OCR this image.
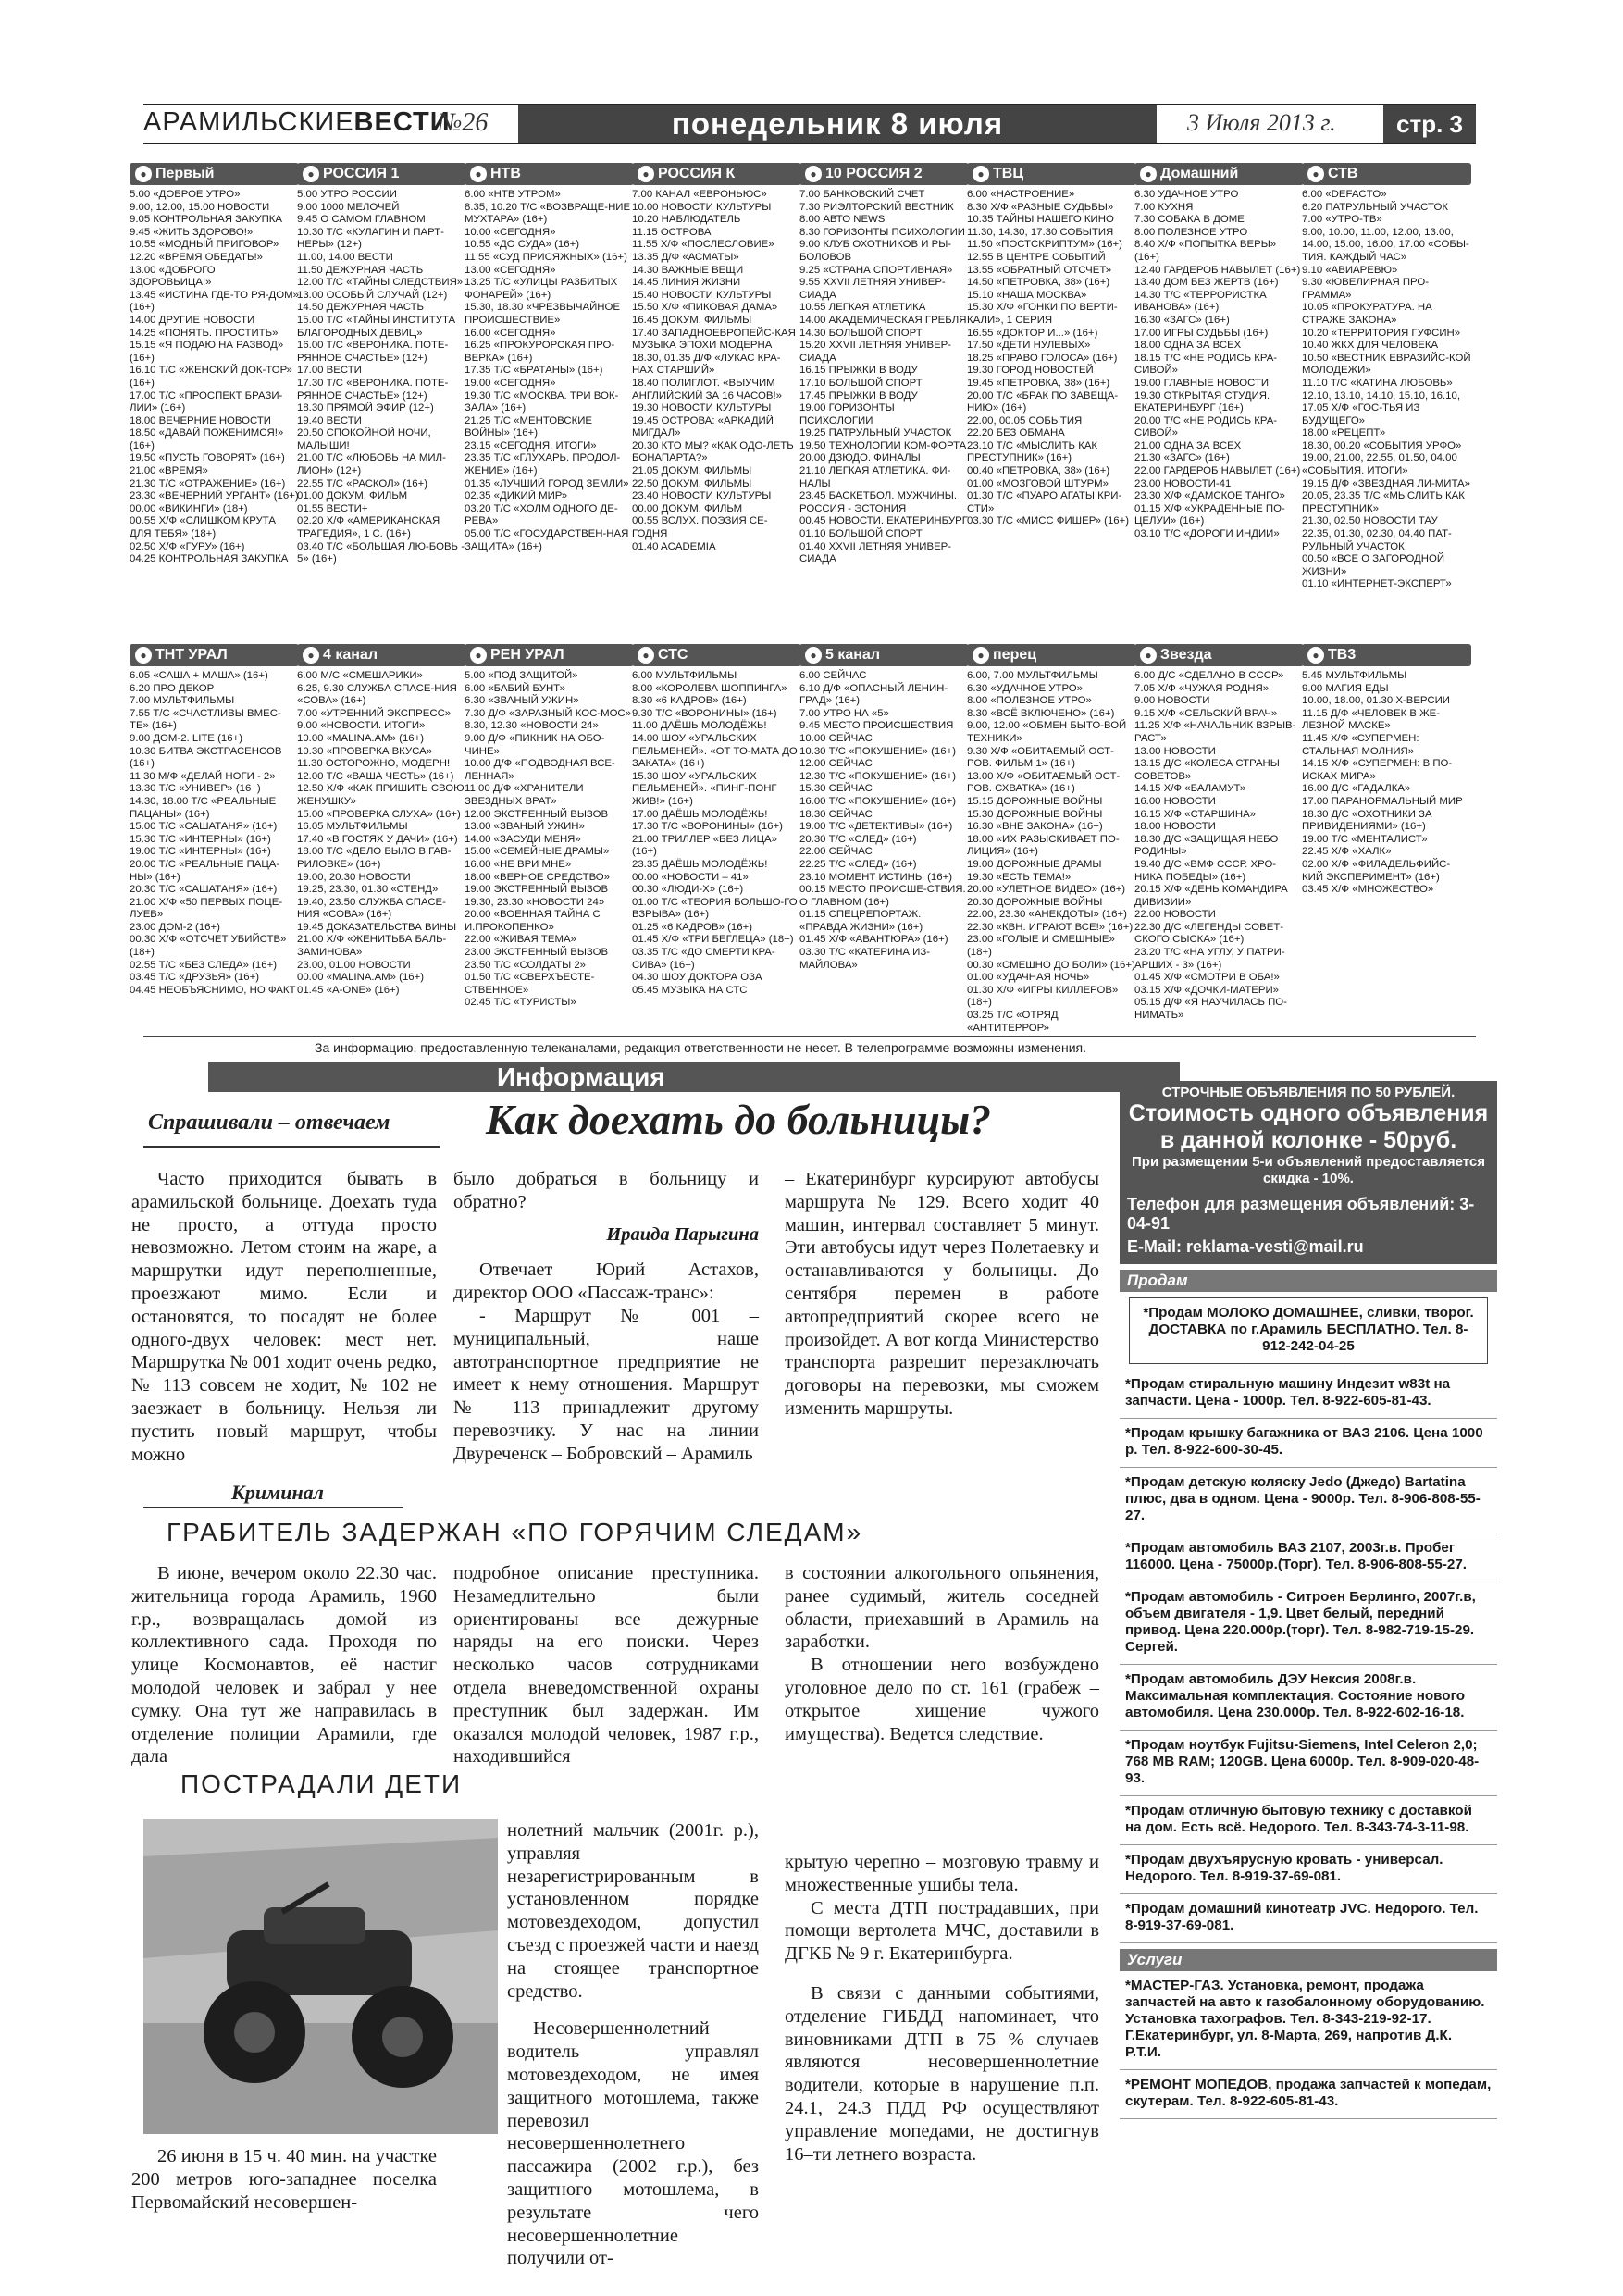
АРАМИЛЬСКИЕВЕСТИ
№26	понедельник 8 июля	3 Июля 2013 г.	стр. 3
● Первый
5.00 «ДОБРОЕ УТРО»
9.00, 12.00, 15.00 НОВОСТИ
9.05 КОНТРОЛЬНАЯ ЗАКУПКА
9.45 «ЖИТЬ ЗДОРОВО!»
10.55 «МОДНЫЙ ПРИГОВОР»
12.20 «ВРЕМЯ ОБЕДАТЬ!»
13.00 «ДОБРОГО ЗДОРОВЬИЦА!»
13.45 «ИСТИНА ГДЕ-ТО РЯ-ДОМ» (16+)
14.00 ДРУГИЕ НОВОСТИ
14.25 «ПОНЯТЬ. ПРОСТИТЬ»
15.15 «Я ПОДАЮ НА РАЗВОД» (16+)
16.10 Т/С «ЖЕНСКИЙ ДОК-ТОР» (16+)
17.00 Т/С «ПРОСПЕКТ БРАЗИ-ЛИИ» (16+)
18.00 ВЕЧЕРНИЕ НОВОСТИ
18.50 «ДАВАЙ ПОЖЕНИМСЯ!» (16+)
19.50 «ПУСТЬ ГОВОРЯТ» (16+)
21.00 «ВРЕМЯ»
21.30 Т/С «ОТРАЖЕНИЕ» (16+)
23.30 «ВЕЧЕРНИЙ УРГАНТ» (16+)
00.00 «ВИКИНГИ» (18+)
00.55 Х/Ф «СЛИШКОМ КРУТА ДЛЯ ТЕБЯ» (18+)
02.50 Х/Ф «ГУРУ» (16+)
04.25 КОНТРОЛЬНАЯ ЗАКУПКА
● РОССИЯ 1
5.00 УТРО РОССИИ
9.00 1000 МЕЛОЧЕЙ
9.45 О САМОМ ГЛАВНОМ
10.30 Т/С «КУЛАГИН И ПАРТ-НЕРЫ» (12+)
11.00, 14.00 ВЕСТИ
11.50 ДЕЖУРНАЯ ЧАСТЬ
12.00 Т/С «ТАЙНЫ СЛЕДСТВИЯ»
13.00 ОСОБЫЙ СЛУЧАЙ (12+)
14.50 ДЕЖУРНАЯ ЧАСТЬ
15.00 Т/С «ТАЙНЫ ИНСТИТУТА БЛАГОРОДНЫХ ДЕВИЦ»
16.00 Т/С «ВЕРОНИКА. ПОТЕ-РЯННОЕ СЧАСТЬЕ» (12+)
17.00 ВЕСТИ
17.30 Т/С «ВЕРОНИКА. ПОТЕ-РЯННОЕ СЧАСТЬЕ» (12+)
18.30 ПРЯМОЙ ЭФИР (12+)
19.40 ВЕСТИ
20.50 СПОКОЙНОЙ НОЧИ, МАЛЫШИ!
21.00 Т/С «ЛЮБОВЬ НА МИЛ-ЛИОН» (12+)
22.55 Т/С «РАСКОЛ» (16+)
01.00 ДОКУМ. ФИЛЬМ
01.55 ВЕСТИ+
02.20 Х/Ф «АМЕРИКАНСКАЯ ТРАГЕДИЯ», 1 С. (16+)
03.40 Т/С «БОЛЬШАЯ ЛЮ-БОВЬ - 5» (16+)
● НТВ
6.00 «НТВ УТРОМ»
8.35, 10.20 Т/С «ВОЗВРАЩЕ-НИЕ МУХТАРА» (16+)
10.00 «СЕГОДНЯ»
10.55 «ДО СУДА» (16+)
11.55 «СУД ПРИСЯЖНЫХ» (16+)
13.00 «СЕГОДНЯ»
13.25 Т/С «УЛИЦЫ РАЗБИТЫХ ФОНАРЕЙ» (16+)
15.30, 18.30 «ЧРЕЗВЫЧАЙНОЕ ПРОИСШЕСТВИЕ»
16.00 «СЕГОДНЯ»
16.25 «ПРОКУРОРСКАЯ ПРО-ВЕРКА» (16+)
17.35 Т/С «БРАТАНЫ» (16+)
19.00 «СЕГОДНЯ»
19.30 Т/С «МОСКВА. ТРИ ВОК-ЗАЛА» (16+)
21.25 Т/С «МЕНТОВСКИЕ ВОЙНЫ» (16+)
23.15 «СЕГОДНЯ. ИТОГИ»
23.35 Т/С «ГЛУХАРЬ. ПРОДОЛ-ЖЕНИЕ» (16+)
01.35 «ЛУЧШИЙ ГОРОД ЗЕМЛИ»
02.35 «ДИКИЙ МИР»
03.20 Т/С «ХОЛМ ОДНОГО ДЕ-РЕВА»
05.00 Т/С «ГОСУДАРСТВЕН-НАЯ ЗАЩИТА» (16+)
● РОССИЯ К
7.00 КАНАЛ «ЕВРОНЬЮС»
10.00 НОВОСТИ КУЛЬТУРЫ
10.20 НАБЛЮДАТЕЛЬ
11.15 ОСТРОВА
11.55 Х/Ф «ПОСЛЕСЛОВИЕ»
13.35 Д/Ф «АСМАТЫ»
14.30 ВАЖНЫЕ ВЕЩИ
14.45 ЛИНИЯ ЖИЗНИ
15.40 НОВОСТИ КУЛЬТУРЫ
15.50 Х/Ф «ПИКОВАЯ ДАМА»
16.45 ДОКУМ. ФИЛЬМЫ
17.40 ЗАПАДНОЕВРОПЕЙС-КАЯ МУЗЫКА ЭПОХИ МОДЕРНА
18.30, 01.35 Д/Ф «ЛУКАС КРА-НАХ СТАРШИЙ»
18.40 ПОЛИГЛОТ. «ВЫУЧИМ АНГЛИЙСКИЙ ЗА 16 ЧАСОВ!»
19.30 НОВОСТИ КУЛЬТУРЫ
19.45 ОСТРОВА: «АРКАДИЙ МИГДАЛ»
20.30 КТО МЫ? «КАК ОДО-ЛЕТЬ БОНАПАРТА?»
21.05 ДОКУМ. ФИЛЬМЫ
22.50 ДОКУМ. ФИЛЬМЫ
23.40 НОВОСТИ КУЛЬТУРЫ
00.00 ДОКУМ. ФИЛЬМ
00.55 ВСЛУХ. ПОЭЗИЯ СЕ-ГОДНЯ
01.40 ACADEMIA
● 10 РОССИЯ 2
7.00 БАНКОВСКИЙ СЧЕТ
7.30 РИЭЛТОРСКИЙ ВЕСТНИК
8.00 АВТО NEWS
8.30 ГОРИЗОНТЫ ПСИХОЛОГИИ
9.00 КЛУБ ОХОТНИКОВ И РЫ-БОЛОВОВ
9.25 «СТРАНА СПОРТИВНАЯ»
9.55 ХХVII ЛЕТНЯЯ УНИВЕР-СИАДА
10.55 ЛЕГКАЯ АТЛЕТИКА
14.00 АКАДЕМИЧЕСКАЯ ГРЕБЛЯ
14.30 БОЛЬШОЙ СПОРТ
15.20 ХХVII ЛЕТНЯЯ УНИВЕР-СИАДА
16.15 ПРЫЖКИ В ВОДУ
17.10 БОЛЬШОЙ СПОРТ
17.45 ПРЫЖКИ В ВОДУ
19.00 ГОРИЗОНТЫ ПСИХОЛОГИИ
19.25 ПАТРУЛЬНЫЙ УЧАСТОК
19.50 ТЕХНОЛОГИИ КОМ-ФОРТА
20.00 ДЗЮДО. ФИНАЛЫ
21.10 ЛЕГКАЯ АТЛЕТИКА. ФИ-НАЛЫ
23.45 БАСКЕТБОЛ. МУЖЧИНЫ. РОССИЯ - ЭСТОНИЯ
00.45 НОВОСТИ. ЕКАТЕРИНБУРГ
01.10 БОЛЬШОЙ СПОРТ
01.40 ХХVII ЛЕТНЯЯ УНИВЕР-СИАДА
● ТВЦ
6.00 «НАСТРОЕНИЕ»
8.30 Х/Ф «РАЗНЫЕ СУДЬБЫ»
10.35 ТАЙНЫ НАШЕГО КИНО
11.30, 14.30, 17.30 СОБЫТИЯ
11.50 «ПОСТСКРИПТУМ» (16+)
12.55 В ЦЕНТРЕ СОБЫТИЙ
13.55 «ОБРАТНЫЙ ОТСЧЕТ»
14.50 «ПЕТРОВКА, 38» (16+)
15.10 «НАША МОСКВА»
15.30 Х/Ф «ГОНКИ ПО ВЕРТИ-КАЛИ», 1 СЕРИЯ
16.55 «ДОКТОР И...» (16+)
17.50 «ДЕТИ НУЛЕВЫХ»
18.25 «ПРАВО ГОЛОСА» (16+)
19.30 ГОРОД НОВОСТЕЙ
19.45 «ПЕТРОВКА, 38» (16+)
20.00 Т/С «БРАК ПО ЗАВЕЩА-НИЮ» (16+)
22.00, 00.05 СОБЫТИЯ
22.20 БЕЗ ОБМАНА
23.10 Т/С «МЫСЛИТЬ КАК ПРЕСТУПНИК» (16+)
00.40 «ПЕТРОВКА, 38» (16+)
01.00 «МОЗГОВОЙ ШТУРМ»
01.30 Т/С «ПУАРО АГАТЫ КРИ-СТИ»
03.30 Т/С «МИСС ФИШЕР» (16+)
● Домашний
6.30 УДАЧНОЕ УТРО
7.00 КУХНЯ
7.30 СОБАКА В ДОМЕ
8.00 ПОЛЕЗНОЕ УТРО
8.40 Х/Ф «ПОПЫТКА ВЕРЫ» (16+)
12.40 ГАРДЕРОБ НАВЫЛЕТ (16+)
13.40 ДОМ БЕЗ ЖЕРТВ (16+)
14.30 Т/С «ТЕРРОРИСТКА ИВАНОВА» (16+)
16.30 «ЗАГС» (16+)
17.00 ИГРЫ СУДЬБЫ (16+)
18.00 ОДНА ЗА ВСЕХ
18.15 Т/С «НЕ РОДИСЬ КРА-СИВОЙ»
19.00 ГЛАВНЫЕ НОВОСТИ
19.30 ОТКРЫТАЯ СТУДИЯ. ЕКАТЕРИНБУРГ (16+)
20.00 Т/С «НЕ РОДИСЬ КРА-СИВОЙ»
21.00 ОДНА ЗА ВСЕХ
21.30 «ЗАГС» (16+)
22.00 ГАРДЕРОБ НАВЫЛЕТ (16+)
23.00 НОВОСТИ-41
23.30 Х/Ф «ДАМСКОЕ ТАНГО»
01.15 Х/Ф «УКРАДЕННЫЕ ПО-ЦЕЛУИ» (16+)
03.10 Т/С «ДОРОГИ ИНДИИ»
● СТВ
6.00 «DEFACTO»
6.20 ПАТРУЛЬНЫЙ УЧАСТОК
7.00 «УТРО-ТВ»
9.00, 10.00, 11.00, 12.00, 13.00, 14.00, 15.00, 16.00, 17.00 «СОБЫ-ТИЯ. КАЖДЫЙ ЧАС»
9.10 «АВИАРЕВЮ»
9.30 «ЮВЕЛИРНАЯ ПРО-ГРАММА»
10.05 «ПРОКУРАТУРА. НА СТРАЖЕ ЗАКОНА»
10.20 «ТЕРРИТОРИЯ ГУФСИН»
10.40 ЖКХ ДЛЯ ЧЕЛОВЕКА
10.50 «ВЕСТНИК ЕВРАЗИЙС-КОЙ МОЛОДЕЖИ»
11.10 Т/С «КАТИНА ЛЮБОВЬ»
12.10, 13.10, 14.10, 15.10, 16.10, 17.05 Х/Ф «ГОС-ТЬЯ ИЗ БУДУЩЕГО»
18.00 «РЕЦЕПТ»
18.30, 00.20 «СОБЫТИЯ УРФО»
19.00, 21.00, 22.55, 01.50, 04.00 «СОБЫТИЯ. ИТОГИ»
19.15 Д/Ф «ЗВЕЗДНАЯ ЛИ-МИТА»
20.05, 23.35 Т/С «МЫСЛИТЬ КАК ПРЕСТУПНИК»
21.30, 02.50 НОВОСТИ ТАУ
22.35, 01.30, 02.30, 04.40 ПАТ-РУЛЬНЫЙ УЧАСТОК
00.50 «ВСЕ О ЗАГОРОДНОЙ ЖИЗНИ»
01.10 «ИНТЕРНЕТ-ЭКСПЕРТ»
● ТНТ УРАЛ
6.05 «САША + МАША» (16+)
6.20 ПРО ДЕКОР
7.00 МУЛЬТФИЛЬМЫ
7.55 Т/С «СЧАСТЛИВЫ ВМЕС-ТЕ» (16+)
9.00 ДОМ-2. LITE (16+)
10.30 БИТВА ЭКСТРАСЕНСОВ (16+)
11.30 М/Ф «ДЕЛАЙ НОГИ - 2»
13.30 Т/С «УНИВЕР» (16+)
14.30, 18.00 Т/С «РЕАЛЬНЫЕ ПАЦАНЫ» (16+)
15.00 Т/С «САШАТАНЯ» (16+)
15.30 Т/С «ИНТЕРНЫ» (16+)
19.00 Т/С «ИНТЕРНЫ» (16+)
20.00 Т/С «РЕАЛЬНЫЕ ПАЦА-НЫ» (16+)
20.30 Т/С «САШАТАНЯ» (16+)
21.00 Х/Ф «50 ПЕРВЫХ ПОЦЕ-ЛУЕВ»
23.00 ДОМ-2 (16+)
00.30 Х/Ф «ОТСЧЕТ УБИЙСТВ» (18+)
02.55 Т/С «БЕЗ СЛЕДА» (16+)
03.45 Т/С «ДРУЗЬЯ» (16+)
04.45 НЕОБЪЯСНИМО, НО ФАКТ
● 4 канал
6.00 М/С «СМЕШАРИКИ»
6.25, 9.30 СЛУЖБА СПАСЕ-НИЯ «СОВА» (16+)
7.00 «УТРЕННИЙ ЭКСПРЕСС»
9.00 «НОВОСТИ. ИТОГИ»
10.00 «MALINA.AM» (16+)
10.30 «ПРОВЕРКА ВКУСА»
11.30 ОСТОРОЖНО, МОДЕРН!
12.00 Т/С «ВАША ЧЕСТЬ» (16+)
12.50 Х/Ф «КАК ПРИШИТЬ СВОЮ ЖЕНУШКУ»
15.00 «ПРОВЕРКА СЛУХА» (16+)
16.05 МУЛЬТФИЛЬМЫ
17.40 «В ГОСТЯХ У ДАЧИ» (16+)
18.00 Т/С «ДЕЛО БЫЛО В ГАВ-РИЛОВКЕ» (16+)
19.00, 20.30 НОВОСТИ
19.25, 23.30, 01.30 «СТЕНД»
19.40, 23.50 СЛУЖБА СПАСЕ-НИЯ «СОВА» (16+)
19.45 ДОКАЗАТЕЛЬСТВА ВИНЫ
21.00 Х/Ф «ЖЕНИТЬБА БАЛЬ-ЗАМИНОВА»
23.00, 01.00 НОВОСТИ
00.00 «MALINA.AM» (16+)
01.45 «А-ONE» (16+)
● РЕН УРАЛ
5.00 «ПОД ЗАЩИТОЙ»
6.00 «БАБИЙ БУНТ»
6.30 «ЗВАНЫЙ УЖИН»
7.30 Д/Ф «ЗАРАЗНЫЙ КОС-МОС»
8.30, 12.30 «НОВОСТИ 24»
9.00 Д/Ф «ПИКНИК НА ОБО-ЧИНЕ»
10.00 Д/Ф «ПОДВОДНАЯ ВСЕ-ЛЕННАЯ»
11.00 Д/Ф «ХРАНИТЕЛИ ЗВЕЗДНЫХ ВРАТ»
12.00 ЭКСТРЕННЫЙ ВЫЗОВ
13.00 «ЗВАНЫЙ УЖИН»
14.00 «ЗАСУДИ МЕНЯ»
15.00 «СЕМЕЙНЫЕ ДРАМЫ»
16.00 «НЕ ВРИ МНЕ»
18.00 «ВЕРНОЕ СРЕДСТВО»
19.00 ЭКСТРЕННЫЙ ВЫЗОВ
19.30, 23.30 «НОВОСТИ 24»
20.00 «ВОЕННАЯ ТАЙНА С И.ПРОКОПЕНКО»
22.00 «ЖИВАЯ ТЕМА»
23.00 ЭКСТРЕННЫЙ ВЫЗОВ
23.50 Т/С «СОЛДАТЫ 2»
01.50 Т/С «СВЕРХЪЕСТЕ-СТВЕННОЕ»
02.45 Т/С «ТУРИСТЫ»
● СТС
6.00 МУЛЬТФИЛЬМЫ
8.00 «КОРОЛЕВА ШОППИНГА»
8.30 «6 КАДРОВ» (16+)
9.30 Т/С «ВОРОНИНЫ» (16+)
11.00 ДАЁШЬ МОЛОДЁЖЬ!
14.00 ШОУ «УРАЛЬСКИХ ПЕЛЬМЕНЕЙ». «ОТ ТО-МАТА ДО ЗАКАТА» (16+)
15.30 ШОУ «УРАЛЬСКИХ ПЕЛЬМЕНЕЙ». «ПИНГ-ПОНГ ЖИВ!» (16+)
17.00 ДАЁШЬ МОЛОДЁЖЬ!
17.30 Т/С «ВОРОНИНЫ» (16+)
21.00 ТРИЛЛЕР «БЕЗ ЛИЦА» (16+)
23.35 ДАЁШЬ МОЛОДЁЖЬ!
00.00 «НОВОСТИ – 41»
00.30 «ЛЮДИ-Х» (16+)
01.00 Т/С «ТЕОРИЯ БОЛЬШО-ГО ВЗРЫВА» (16+)
01.25 «6 КАДРОВ» (16+)
01.45 Х/Ф «ТРИ БЕГЛЕЦА» (18+)
03.35 Т/С «ДО СМЕРТИ КРА-СИВА» (16+)
04.30 ШОУ ДОКТОРА ОЗА
05.45 МУЗЫКА НА СТС
● 5 канал
6.00 СЕЙЧАС
6.10 Д/Ф «ОПАСНЫЙ ЛЕНИН-ГРАД» (16+)
7.00 УТРО НА «5»
9.45 МЕСТО ПРОИСШЕСТВИЯ
10.00 СЕЙЧАС
10.30 Т/С «ПОКУШЕНИЕ» (16+)
12.00 СЕЙЧАС
12.30 Т/С «ПОКУШЕНИЕ» (16+)
15.30 СЕЙЧАС
16.00 Т/С «ПОКУШЕНИЕ» (16+)
18.30 СЕЙЧАС
19.00 Т/С «ДЕТЕКТИВЫ» (16+)
20.30 Т/С «СЛЕД» (16+)
22.00 СЕЙЧАС
22.25 Т/С «СЛЕД» (16+)
23.10 МОМЕНТ ИСТИНЫ (16+)
00.15 МЕСТО ПРОИСШЕ-СТВИЯ. О ГЛАВНОМ (16+)
01.15 СПЕЦРЕПОРТАЖ. «ПРАВДА ЖИЗНИ» (16+)
01.45 Х/Ф «АВАНТЮРА» (16+)
03.30 Т/С «КАТЕРИНА ИЗ-МАЙЛОВА»
● перец
6.00, 7.00 МУЛЬТФИЛЬМЫ
6.30 «УДАЧНОЕ УТРО»
8.00 «ПОЛЕЗНОЕ УТРО»
8.30 «ВСЁ ВКЛЮЧЕНО» (16+)
9.00, 12.00 «ОБМЕН БЫТО-ВОЙ ТЕХНИКИ»
9.30 Х/Ф «ОБИТАЕМЫЙ ОСТ-РОВ. ФИЛЬМ 1» (16+)
13.00 Х/Ф «ОБИТАЕМЫЙ ОСТ-РОВ. СХВАТКА» (16+)
15.15 ДОРОЖНЫЕ ВОЙНЫ
15.30 ДОРОЖНЫЕ ВОЙНЫ
16.30 «ВНЕ ЗАКОНА» (16+)
18.00 «ИХ РАЗЫСКИВАЕТ ПО-ЛИЦИЯ» (16+)
19.00 ДОРОЖНЫЕ ДРАМЫ
19.30 «ЕСТЬ ТЕМА!»
20.00 «УЛЕТНОЕ ВИДЕО» (16+)
20.30 ДОРОЖНЫЕ ВОЙНЫ
22.00, 23.30 «АНЕКДОТЫ» (16+)
22.30 «КВН. ИГРАЮТ ВСЕ!» (16+)
23.00 «ГОЛЫЕ И СМЕШНЫЕ» (18+)
00.30 «СМЕШНО ДО БОЛИ» (16+)
01.00 «УДАЧНАЯ НОЧЬ»
01.30 Х/Ф «ИГРЫ КИЛЛЕРОВ» (18+)
03.25 Т/С «ОТРЯД «АНТИТЕРРОР»
● Звезда
6.00 Д/С «СДЕЛАНО В СССР»
7.05 Х/Ф «ЧУЖАЯ РОДНЯ»
9.00 НОВОСТИ
9.15 Х/Ф «СЕЛЬСКИЙ ВРАЧ»
11.25 Х/Ф «НАЧАЛЬНИК ВЗРЫВ-РАСТ»
13.00 НОВОСТИ
13.15 Д/С «КОЛЕСА СТРАНЫ СОВЕТОВ»
14.15 Х/Ф «БАЛАМУТ»
16.00 НОВОСТИ
16.15 Х/Ф «СТАРШИНА»
18.00 НОВОСТИ
18.30 Д/С «ЗАЩИЩАЯ НЕБО РОДИНЫ»
19.40 Д/С «ВМФ СССР. ХРО-НИКА ПОБЕДЫ» (16+)
20.15 Х/Ф «ДЕНЬ КОМАНДИРА ДИВИЗИИ»
22.00 НОВОСТИ
22.30 Д/С «ЛЕГЕНДЫ СОВЕТ-СКОГО СЫСКА» (16+)
23.20 Т/С «НА УГЛУ, У ПАТРИ-АРШИХ - 3» (16+)
01.45 Х/Ф «СМОТРИ В ОБА!»
03.15 Х/Ф «ДОЧКИ-МАТЕРИ»
05.15 Д/Ф «Я НАУЧИЛАСЬ ПО-НИМАТЬ»
● ТВ3
5.45 МУЛЬТФИЛЬМЫ
9.00 МАГИЯ ЕДЫ
10.00, 18.00, 01.30 Х-ВЕРСИИ
11.15 Д/Ф «ЧЕЛОВЕК В ЖЕ-ЛЕЗНОЙ МАСКЕ»
11.45 Х/Ф «СУПЕРМЕН: СТАЛЬНАЯ МОЛНИЯ»
14.15 Х/Ф «СУПЕРМЕН: В ПО-ИСКАХ МИРА»
16.00 Д/С «ГАДАЛКА»
17.00 ПАРАНОРМАЛЬНЫЙ МИР
18.30 Д/С «ОХОТНИКИ ЗА ПРИВИДЕНИЯМИ» (16+)
19.00 Т/С «МЕНТАЛИСТ»
22.45 Х/Ф «ХАЛК»
02.00 Х/Ф «ФИЛАДЕЛЬФИЙС-КИЙ ЭКСПЕРИМЕНТ» (16+)
03.45 Х/Ф «МНОЖЕСТВО»
За информацию, предоставленную телеканалами, редакция ответственности не несет. В телепрограмме возможны изменения.
Информация
Спрашивали – отвечаем Как доехать до больницы?

Часто приходится бывать в арамильской больнице. Доехать туда не просто, а оттуда просто невозможно. Летом стоим на жаре, а маршрутки идут переполненные, проезжают мимо. Если и остановятся, то посадят не более одного-двух человек: мест нет. Маршрутка № 001 ходит очень редко, № 113 совсем не ходит, № 102 не заезжает в больницу. Нельзя ли пустить новый маршрут, чтобы можно

было добраться в больницу и обратно?

Ираида Парыгина

Отвечает Юрий Астахов, директор ООО «Пассаж-транс»:

- Маршрут № 001 – муниципальный, наше автотранспортное предприятие не имеет к нему отношения. Маршрут № 113 принадлежит другому перевозчику. У нас на линии Двуреченск – Бобровский – Арамиль

– Екатеринбург курсируют автобусы маршрута № 129. Всего ходит 40 машин, интервал составляет 5 минут. Эти автобусы идут через Полетаевку и останавливаются у больницы. До сентября перемен в работе автопредприятий скорее всего не произойдет. А вот когда Министерство транспорта разрешит перезаключать договоры на перевозки, мы сможем изменить маршруты.

Криминал
ГРАБИТЕЛЬ ЗАДЕРЖАН «ПО ГОРЯЧИМ СЛЕДАМ»

В июне, вечером около 22.30 час. жительница города Арамиль, 1960 г.р., возвращалась домой из коллективного сада. Проходя по улице Космонавтов, её настиг молодой человек и забрал у нее сумку. Она тут же направилась в отделение полиции Арамили, где дала

подробное описание преступника. Незамедлительно были ориентированы все дежурные наряды на его поиски. Через несколько часов сотрудниками отдела вневедомственной охраны преступник был задержан. Им оказался молодой человек, 1987 г.р., находившийся

в состоянии алкогольного опьянения, ранее судимый, житель соседней области, приехавший в Арамиль на заработки.

В отношении него возбуждено уголовное дело по ст. 161 (грабеж – открытое хищение чужого имущества). Ведется следствие.

ПОСТРАДАЛИ ДЕТИ

26 июня в 15 ч. 40 мин. на участке 200 метров юго-западнее поселка Первомайский несовершен-

нолетний мальчик (2001г. р.), управляя незарегистрированным в установленном порядке мотовездеходом, допустил съезд с проезжей части и наезд на стоящее транспортное средство.

Несовершеннолетний водитель управлял мотовездеходом, не имея защитного мотошлема, также перевозил несовершеннолетнего пассажира (2002 г.р.), без защитного мотошлема, в результате чего несовершеннолетние получили от-

крытую черепно – мозговую травму и множественные ушибы тела.

С места ДТП пострадавших, при помощи вертолета МЧС, доставили в ДГКБ № 9 г. Екатеринбурга.

В связи с данными событиями, отделение ГИБДД напоминает, что виновниками ДТП в 75 % случаев являются несовершеннолетние водители, которые в нарушение п.п. 24.1, 24.3 ПДД РФ осуществляют управление мопедами, не достигнув 16–ти летнего возраста.

СТРОЧНЫЕ ОБЪЯВЛЕНИЯ ПО 50 РУБЛЕЙ.
Стоимость одного объявления в данной колонке - 50руб.
При размещении 5-и объявлений предоставляется скидка - 10%.
Телефон для размещения объявлений: 3-04-91
E-Mail: reklama-vesti@mail.ru
Продам
*Продам МОЛОКО ДОМАШНЕЕ, сливки, творог. ДОСТАВКА по г.Арамиль БЕСПЛАТНО. Тел. 8-912-242-04-25
*Продам стиральную машину Индезит w83t на запчасти. Цена - 1000р. Тел. 8-922-605-81-43.
*Продам крышку багажника от ВАЗ 2106. Цена 1000 р. Тел. 8-922-600-30-45.
*Продам детскую коляску Jedo (Джедо) Bartatina плюс, два в одном. Цена - 9000р. Тел. 8-906-808-55-27.
*Продам автомобиль ВАЗ 2107, 2003г.в. Пробег 116000. Цена - 75000р.(Торг). Тел. 8-906-808-55-27.
*Продам автомобиль - Ситроен Берлинго, 2007г.в, объем двигателя - 1,9. Цвет белый, передний привод. Цена 220.000р.(торг). Тел. 8-982-719-15-29. Сергей.
*Продам автомобиль ДЭУ Нексия 2008г.в. Максимальная комплектация. Состояние нового автомобиля. Цена 230.000р. Тел. 8-922-602-16-18.
*Продам ноутбук Fujitsu-Siemens, Intel Celeron 2,0; 768 MB RAM; 120GB. Цена 6000р. Тел. 8-909-020-48-93.
*Продам отличную бытовую технику с доставкой на дом. Есть всё. Недорого. Тел. 8-343-74-3-11-98.
*Продам двухъярусную кровать - универсал. Недорого. Тел. 8-919-37-69-081.
*Продам домашний кинотеатр JVC. Недорого. Тел. 8-919-37-69-081.
Услуги
*МАСТЕР-ГАЗ. Установка, ремонт, продажа запчастей на авто к газобалонному оборудованию. Установка тахографов. Тел. 8-343-219-92-17. Г.Екатеринбург, ул. 8-Марта, 269, напротив Д.К. Р.Т.И.
*РЕМОНТ МОПЕДОВ, продажа запчастей к мопедам, скутерам. Тел. 8-922-605-81-43.
